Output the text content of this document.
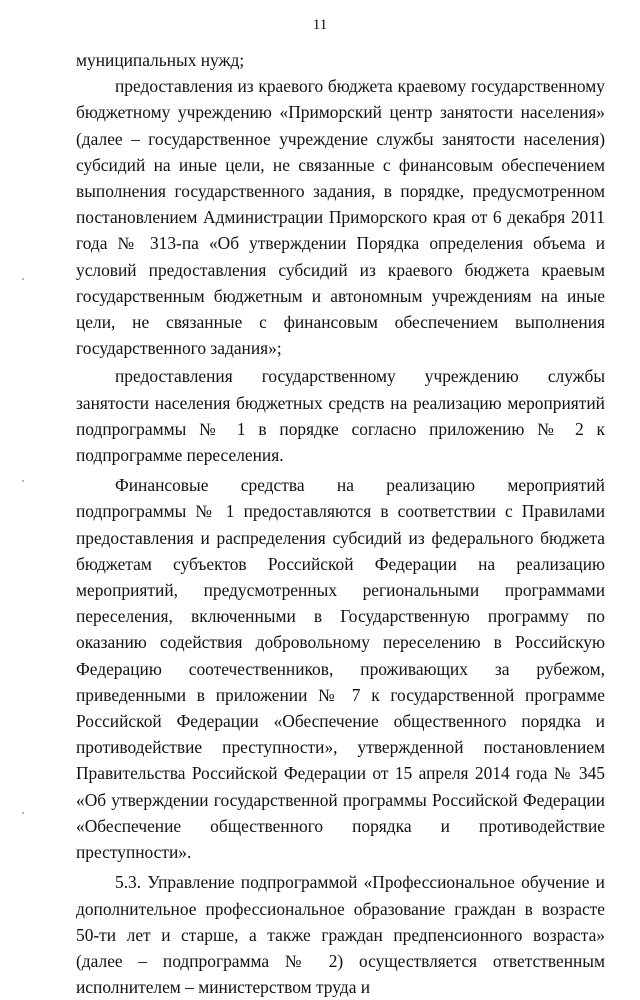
11

муниципальных нужд;

предоставления из краевого бюджета краевому государственному бюджетному учреждению «Приморский центр занятости населения» (далее – государственное учреждение службы занятости населения) субсидий на иные цели, не связанные с финансовым обеспечением выполнения государственного задания, в порядке, предусмотренном постановлением Администрации Приморского края от 6 декабря 2011 года № 313-па «Об утверждении Порядка определения объема и условий предоставления субсидий из краевого бюджета краевым государственным бюджетным и автономным учреждениям на иные цели, не связанные с финансовым обеспечением выполнения государственного задания»;

предоставления государственному учреждению службы занятости населения бюджетных средств на реализацию мероприятий подпрограммы № 1 в порядке согласно приложению № 2 к подпрограмме переселения.

Финансовые средства на реализацию мероприятий подпрограммы № 1 предоставляются в соответствии с Правилами предоставления и распределения субсидий из федерального бюджета бюджетам субъектов Российской Федерации на реализацию мероприятий, предусмотренных региональными программами переселения, включенными в Государственную программу по оказанию содействия добровольному переселению в Российскую Федерацию соотечественников, проживающих за рубежом, приведенными в приложении № 7 к государственной программе Российской Федерации «Обеспечение общественного порядка и противодействие преступности», утвержденной постановлением Правительства Российской Федерации от 15 апреля 2014 года № 345 «Об утверждении государственной программы Российской Федерации «Обеспечение общественного порядка и противодействие преступности».

5.3. Управление подпрограммой «Профессиональное обучение и дополнительное профессиональное образование граждан в возрасте 50-ти лет и старше, а также граждан предпенсионного возраста» (далее – подпрограмма № 2) осуществляется ответственным исполнителем – министерством труда и
